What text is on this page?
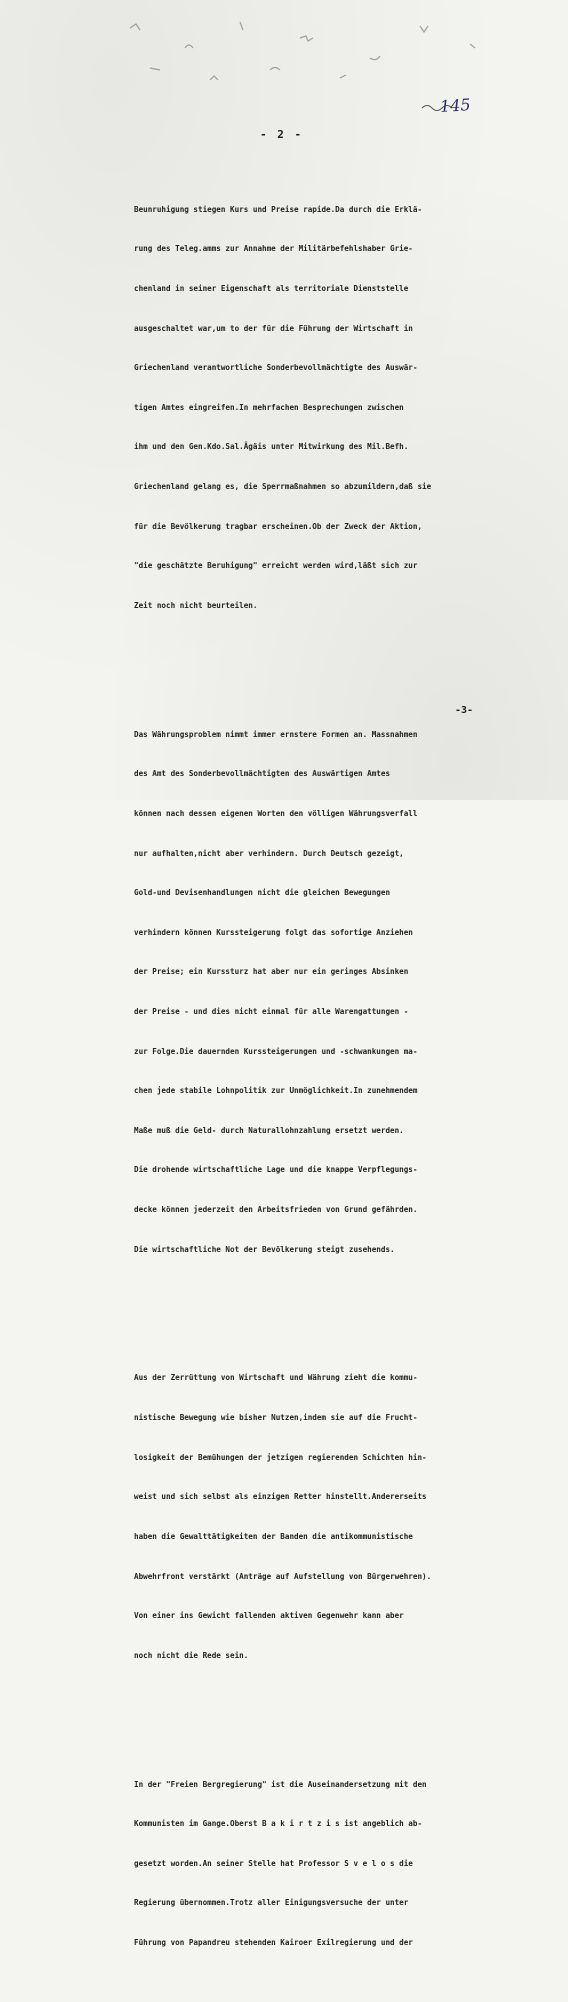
145
- 2 -

Beunruhigung stiegen Kurs und Preise rapide.Da durch die Erklä-

rung des Teleg.amms zur Annahme der Militärbefehlshaber Grie-

chenland in seiner Eigenschaft als territoriale Dienststelle

ausgeschaltet war,um to der für die Führung der Wirtschaft in

Griechenland verantwortliche Sonderbevollmächtigte des Auswär-

tigen Amtes eingreifen.In mehrfachen Besprechungen zwischen

ihm und den Gen.Kdo.Sal.Ägäis unter Mitwirkung des Mil.Befh.

Griechenland gelang es, die Sperrmaßnahmen so abzumildern,daß sie

für die Bevölkerung tragbar erscheinen.Ob der Zweck der Aktion,

"die geschätzte Beruhigung" erreicht werden wird,läßt sich zur

Zeit noch nicht beurteilen.

Das Währungsproblem nimmt immer ernstere Formen an. Massnahmen

des Amt des Sonderbevollmächtigten des Auswärtigen Amtes

können nach dessen eigenen Worten den völligen Währungsverfall

nur aufhalten,nicht aber verhindern. Durch Deutsch gezeigt,

Gold-und Devisenhandlungen nicht die gleichen Bewegungen

verhindern können Kurssteigerung folgt das sofortige Anziehen

der Preise; ein Kurssturz hat aber nur ein geringes Absinken

der Preise - und dies nicht einmal für alle Warengattungen -

zur Folge.Die dauernden Kurssteigerungen und -schwankungen ma-

chen jede stabile Lohnpolitik zur Unmöglichkeit.In zunehmendem

Maße muß die Geld- durch Naturallohnzahlung ersetzt werden.

Die drohende wirtschaftliche Lage und die knappe Verpflegungs-

decke können jederzeit den Arbeitsfrieden von Grund gefährden.

Die wirtschaftliche Not der Bevölkerung steigt zusehends.

Aus der Zerrüttung von Wirtschaft und Währung zieht die kommu-

nistische Bewegung wie bisher Nutzen,indem sie auf die Frucht-

losigkeit der Bemühungen der jetzigen regierenden Schichten hin-

weist und sich selbst als einzigen Retter hinstellt.Andererseits

haben die Gewalttätigkeiten der Banden die antikommunistische

Abwehrfront verstärkt (Anträge auf Aufstellung von Bürgerwehren).

Von einer ins Gewicht fallenden aktiven Gegenwehr kann aber

noch nicht die Rede sein.

In der "Freien Bergregierung" ist die Auseinandersetzung mit den

Kommunisten im Gange.Oberst B a k i r t z i s ist angeblich ab-

gesetzt worden.An seiner Stelle hat Professor S v e l o s die

Regierung übernommen.Trotz aller Einigungsversuche der unter

Führung von Papandreu stehenden Kairoer Exilregierung und der

-3-
